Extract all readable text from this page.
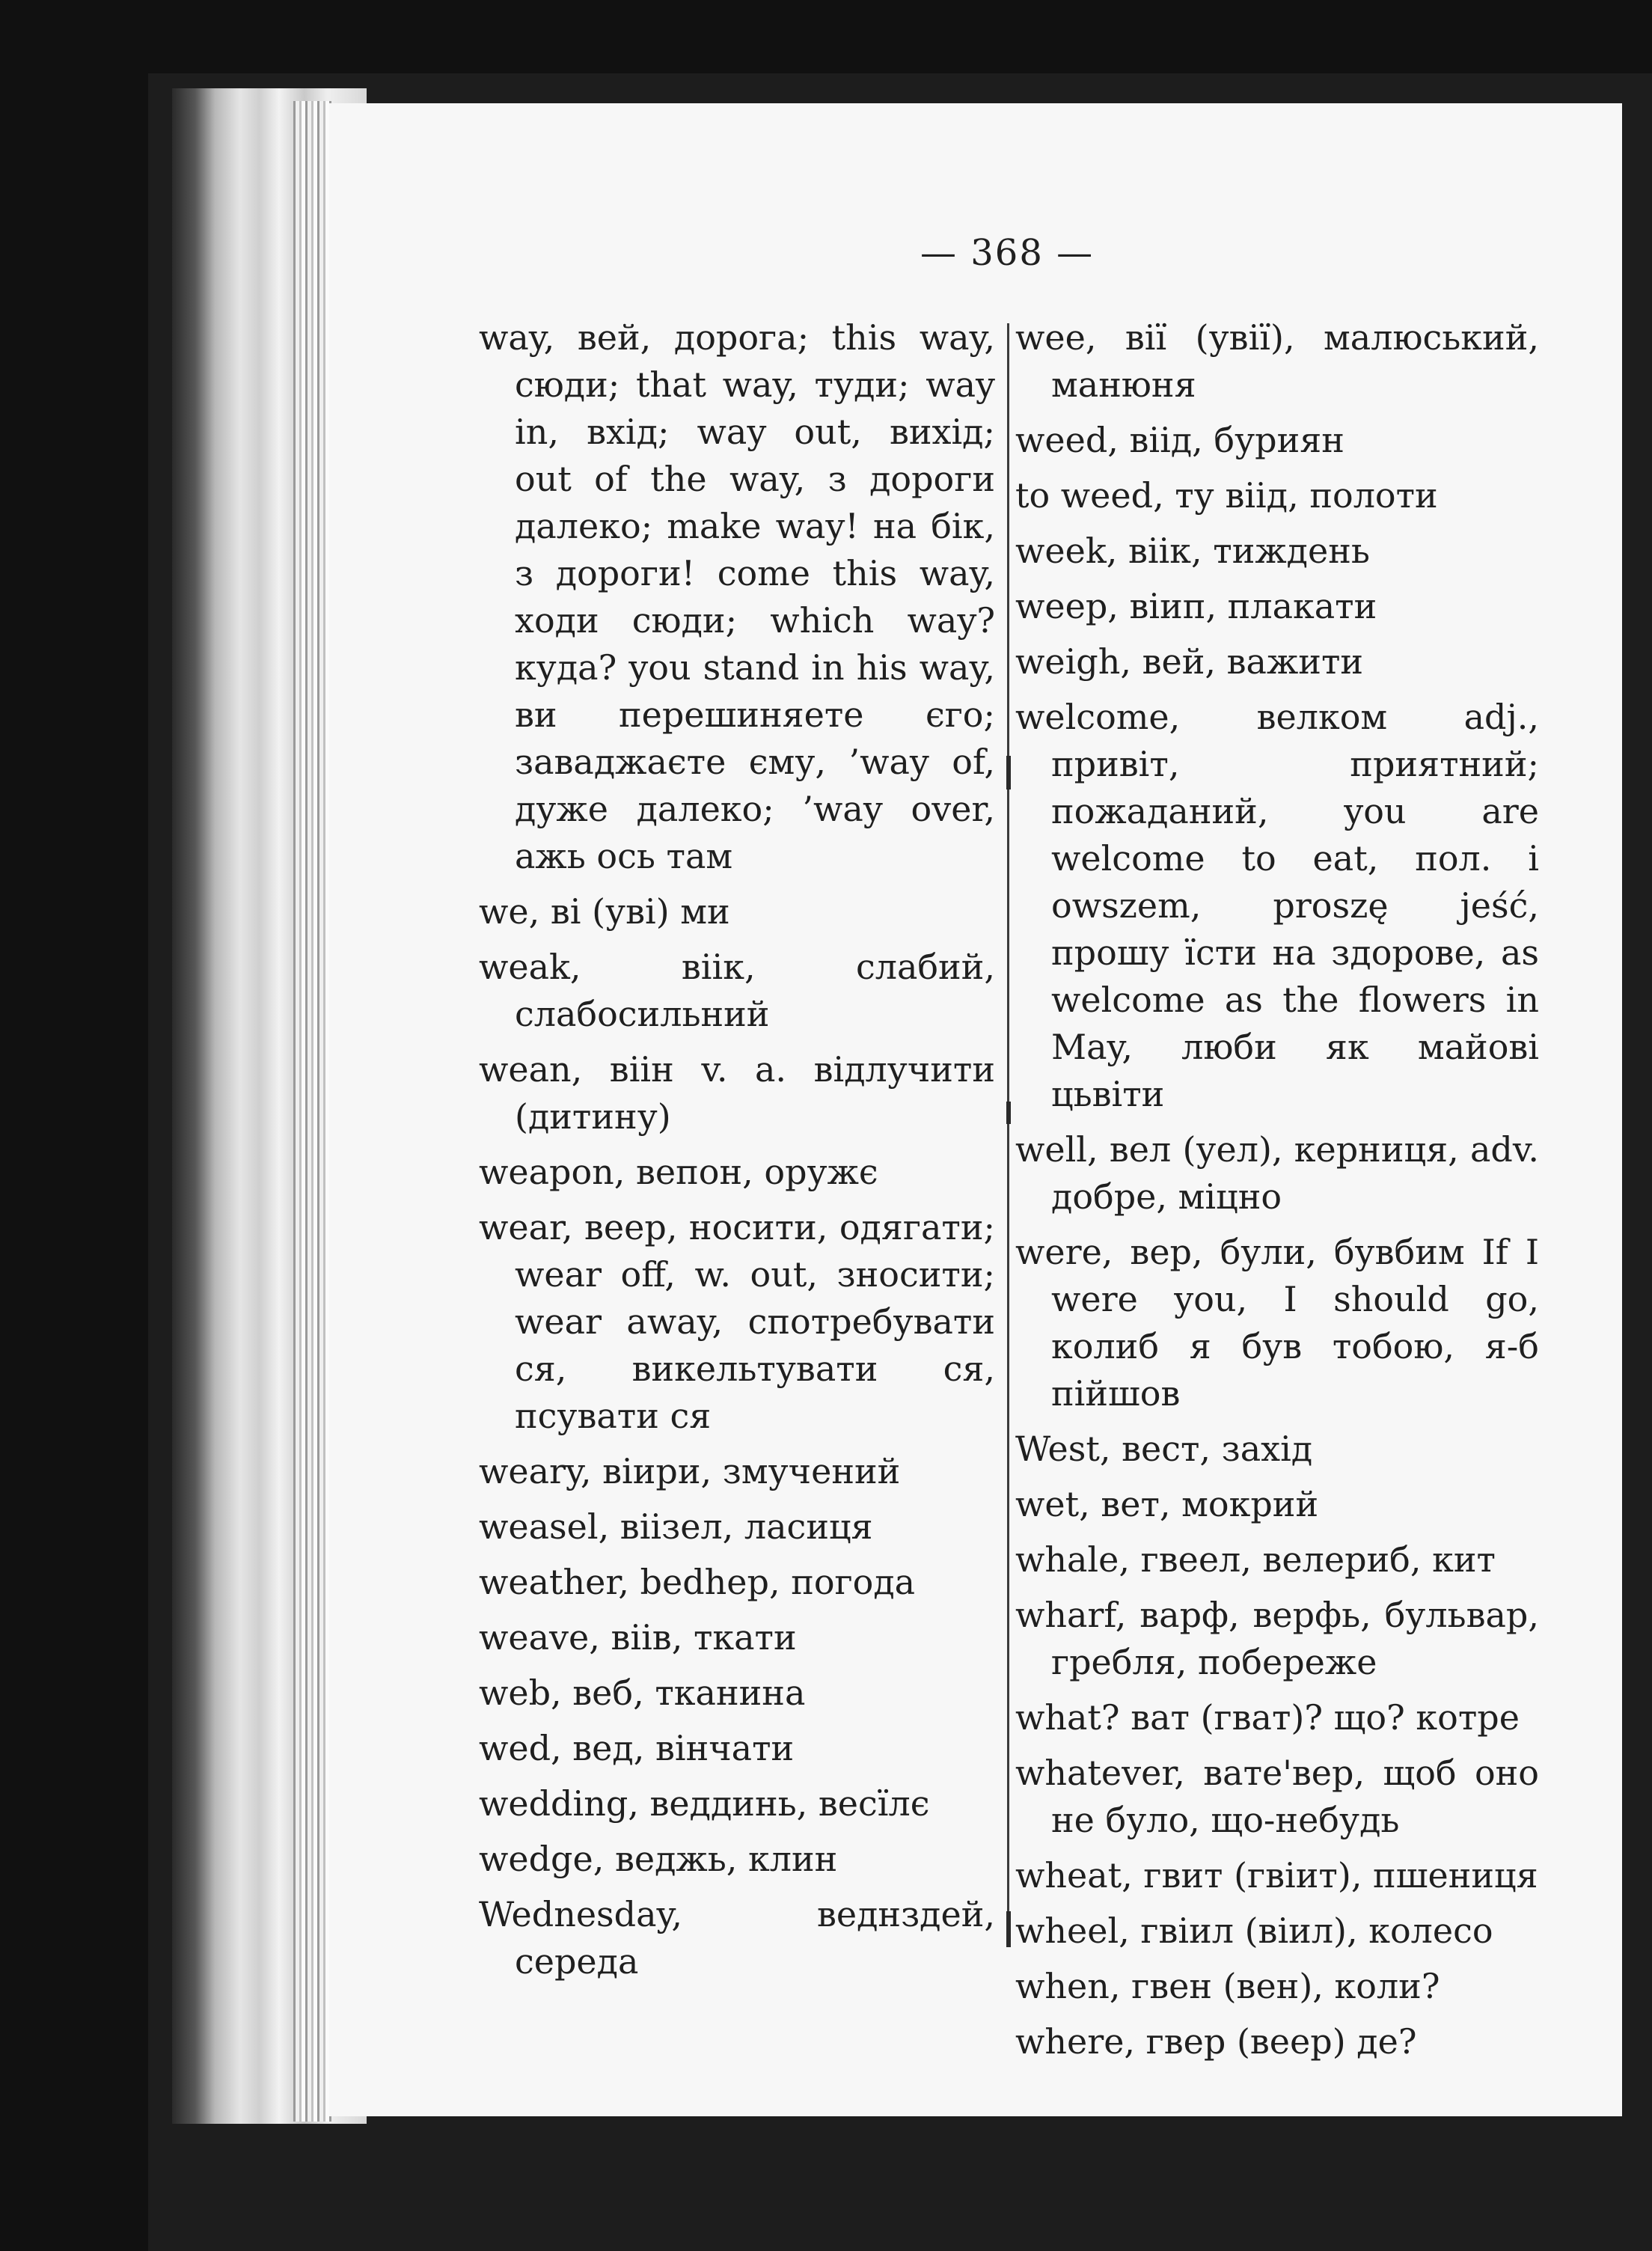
— 368 —
way, вей, дорога; this way, сюди; that way, туди; way in, вхід; way out, вихід; out of the way, з дороги далеко; make way! на бік, з дороги! come this way, ходи сюди; which way? куда? you stand in his way, ви перешиняете єго; заваджаєте єму, ’way of, дуже далеко; ’way over, ажь ось там
we, ві (уві) ми
weak, віік, слабий, слабосильний
wean, віін v. a. відлучити (дитину)
weapon, вепон, оружє
wear, веер, носити, одягати; wear off, w. out, зносити; wear away, спотребувати ся, викельтувати ся, псувати ся
weary, віири, змучений
weasel, віізел, ласиця
weather, bedhep, погода
weave, віів, ткати
web, веб, тканина
wed, вед, вінчати
wedding, веддинь, весїлє
wedge, веджь, клин
Wednesday, веднздей, середа
wee, вії (увії), малюський, манюня
weed, віід, буриян
to weed, ту віід, полоти
week, віік, тиждень
weep, віип, плакати
weigh, вей, важити
welcome, велком adj., привіт, приятний; пожаданий, you are welcome to eat, пол. i owszem, proszę jeść, прошу їсти на здорове, as welcome as the flowers in May, люби як майові цьвіти
well, вел (уел), керниця, adv. добре, міцно
were, вер, були, бувбим If I were you, I should go, колиб я був тобою, я-б пійшов
West, вест, захід
wet, вет, мокрий
whale, гвеел, велериб, кит
wharf, варф, верфь, бульвар, гребля, побереже
what? ват (гват)? що? котре
whatever, вате'вер, щоб оно не було, що-небудь
wheat, гвит (гвіит), пшениця
wheel, гвіил (віил), колесо
when, гвен (вен), коли?
where, гвер (веер) де?
